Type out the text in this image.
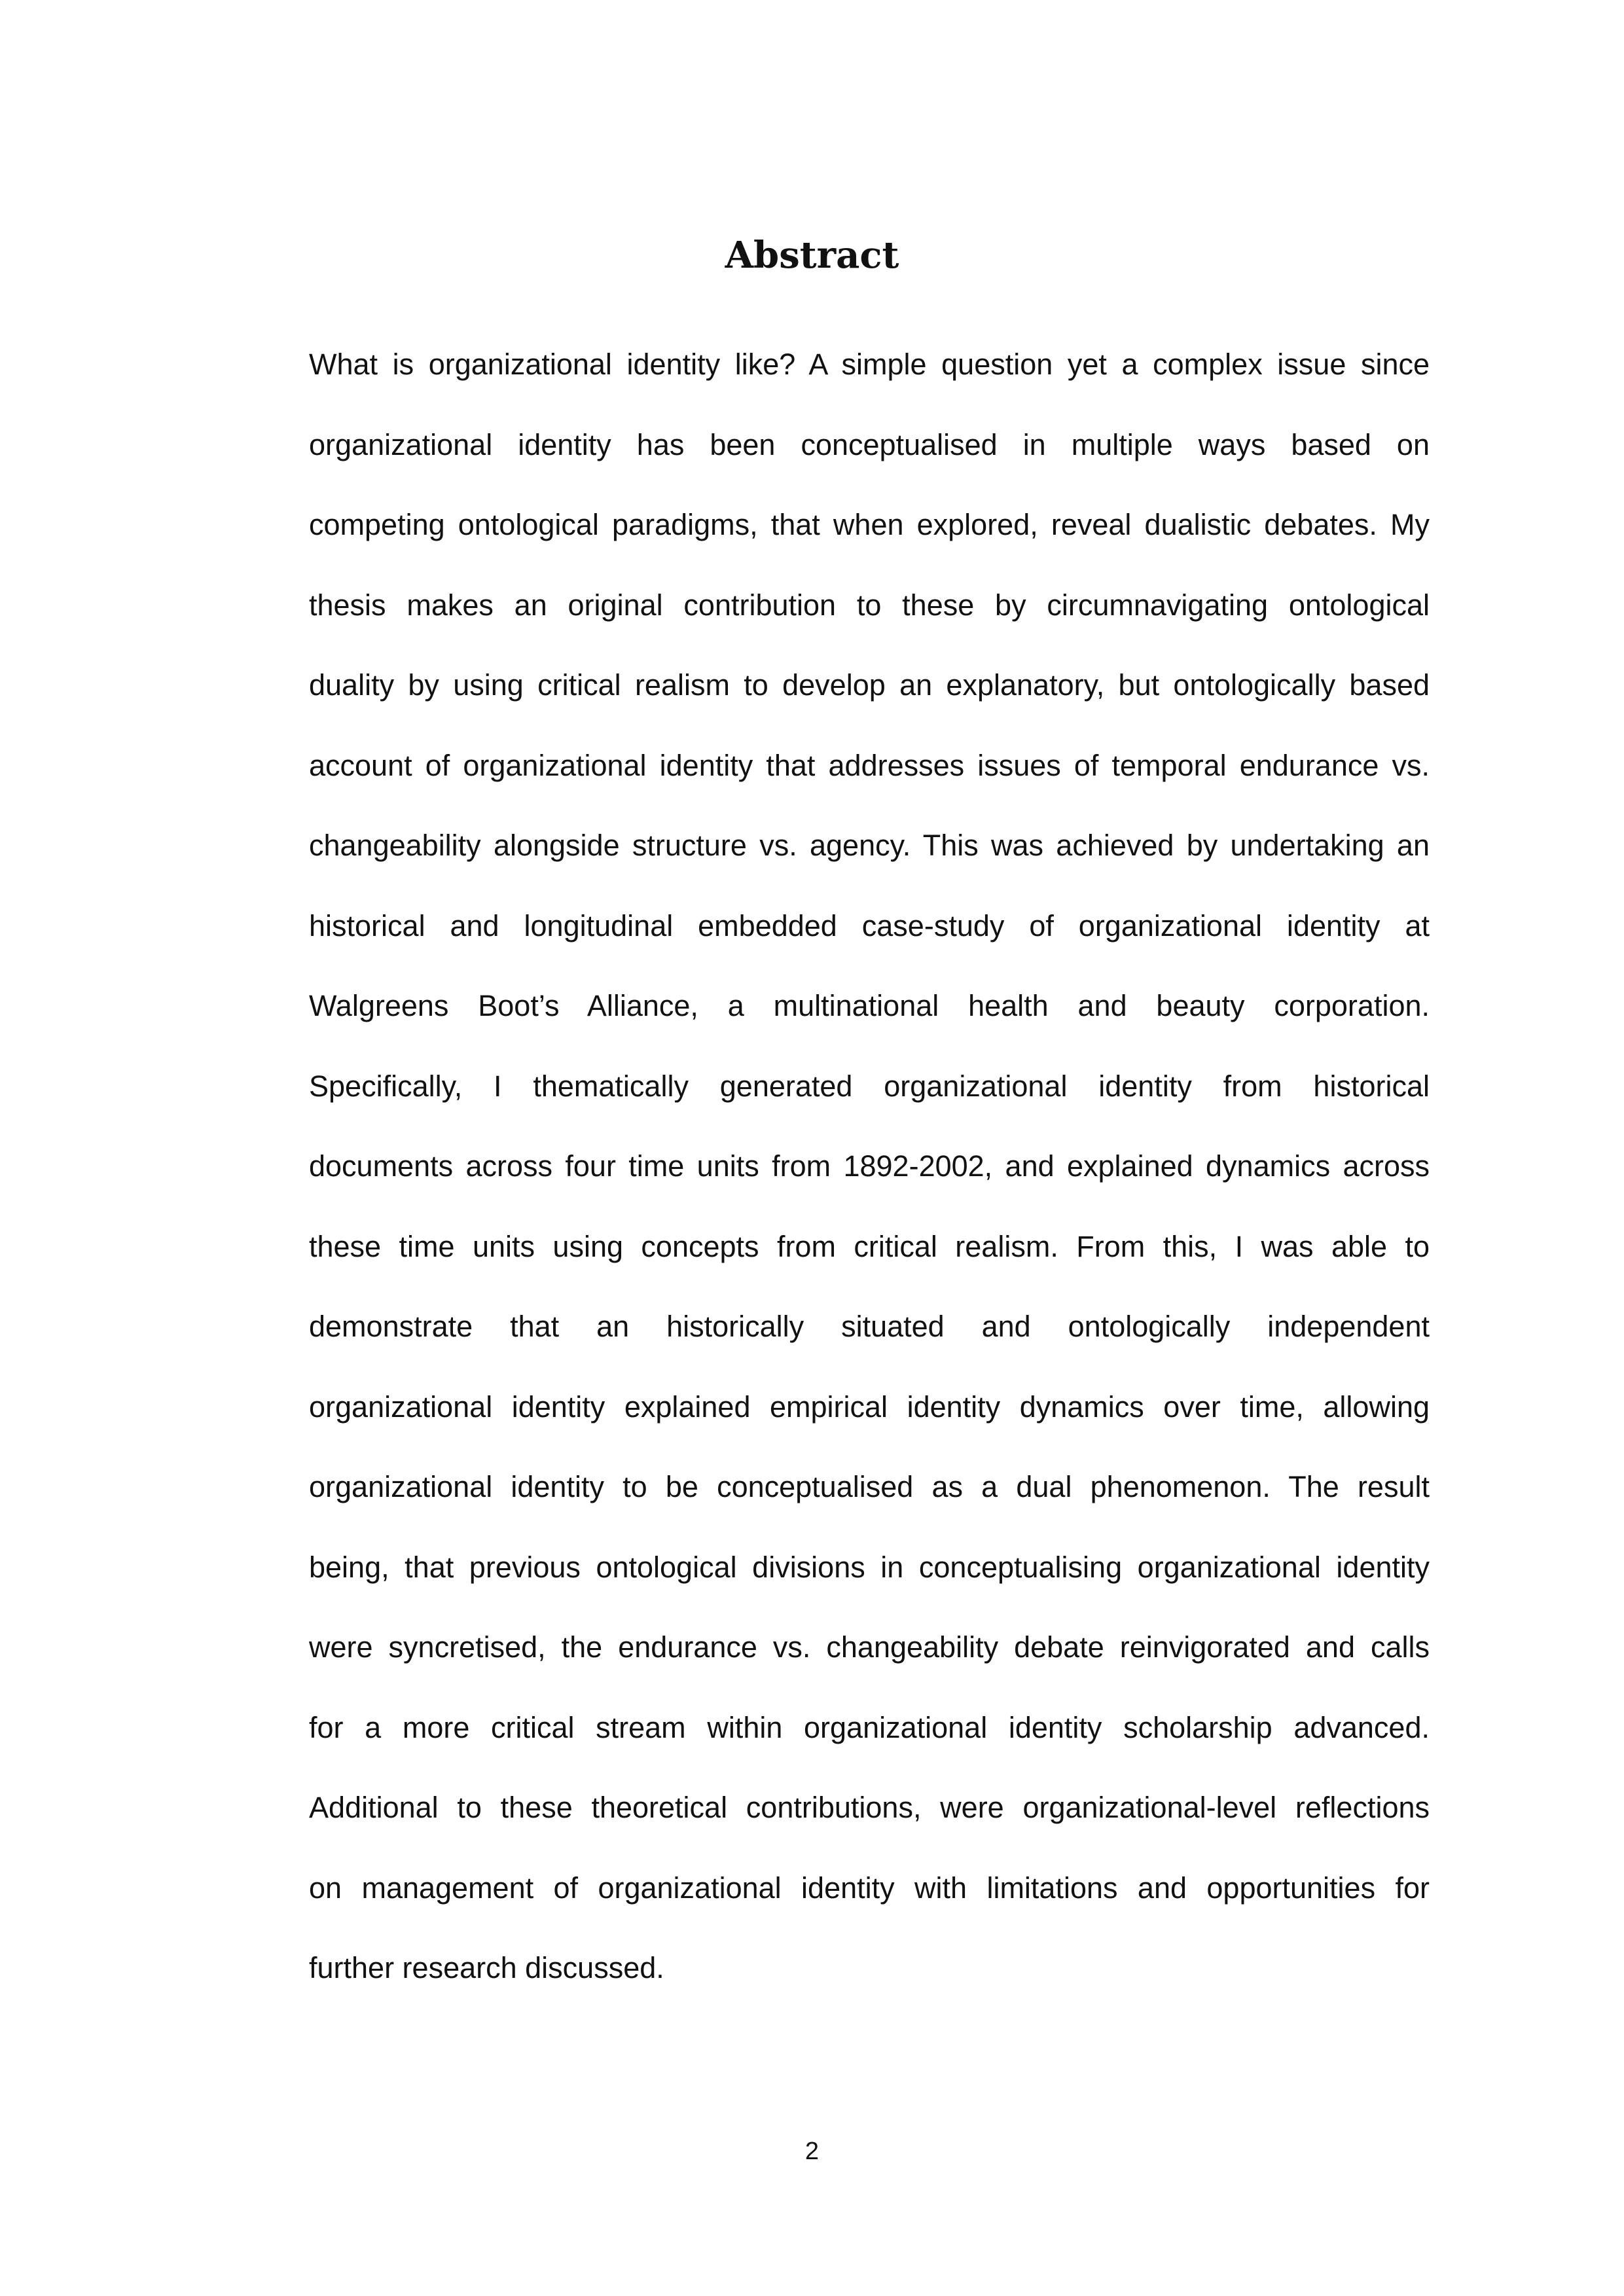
Abstract
What is organizational identity like? A simple question yet a complex issue since
organizational identity has been conceptualised in multiple ways based on
competing ontological paradigms, that when explored, reveal dualistic debates. My
thesis makes an original contribution to these by circumnavigating ontological
duality by using critical realism to develop an explanatory, but ontologically based
account of organizational identity that addresses issues of temporal endurance vs.
changeability alongside structure vs. agency. This was achieved by undertaking an
historical and longitudinal embedded case-study of organizational identity at
Walgreens Boot’s Alliance, a multinational health and beauty corporation.
Specifically, I thematically generated organizational identity from historical
documents across four time units from 1892-2002, and explained dynamics across
these time units using concepts from critical realism. From this, I was able to
demonstrate that an historically situated and ontologically independent
organizational identity explained empirical identity dynamics over time, allowing
organizational identity to be conceptualised as a dual phenomenon. The result
being, that previous ontological divisions in conceptualising organizational identity
were syncretised, the endurance vs. changeability debate reinvigorated and calls
for a more critical stream within organizational identity scholarship advanced.
Additional to these theoretical contributions, were organizational-level reflections
on management of organizational identity with limitations and opportunities for
further research discussed.
2
